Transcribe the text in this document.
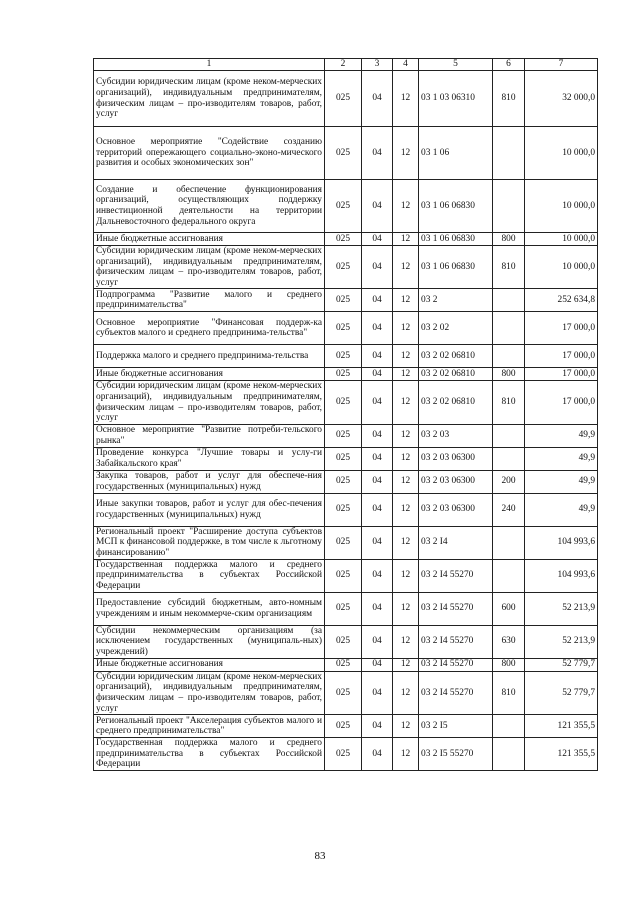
1	2	3	4	5	6	7
Субсидии юридическим лицам (кроме неком-мерческих организаций), индивидуальным предпринимателям, физическим лицам – про-изводителям товаров, работ, услуг	025	04	12	03 1 03 06310	810	32 000,0
Основное мероприятие "Содействие созданию территорий опережающего социально-эконо-мического развития и особых экономических зон"	025	04	12	03 1 06		10 000,0
Создание и обеспечение функционирования организаций, осуществляющих поддержку инвестиционной деятельности на территории Дальневосточного федерального округа	025	04	12	03 1 06 06830		10 000,0
Иные бюджетные ассигнования	025	04	12	03 1 06 06830	800	10 000,0
Субсидии юридическим лицам (кроме неком-мерческих организаций), индивидуальным предпринимателям, физическим лицам – про-изводителям товаров, работ, услуг	025	04	12	03 1 06 06830	810	10 000,0
Подпрограмма "Развитие малого и среднего предпринимательства"	025	04	12	03 2		252 634,8
Основное мероприятие "Финансовая поддерж-ка субъектов малого и среднего предпринима-тельства"	025	04	12	03 2 02		17 000,0
Поддержка малого и среднего предпринима-тельства	025	04	12	03 2 02 06810		17 000,0
Иные бюджетные ассигнования	025	04	12	03 2 02 06810	800	17 000,0
Субсидии юридическим лицам (кроме неком-мерческих организаций), индивидуальным предпринимателям, физическим лицам – про-изводителям товаров, работ, услуг	025	04	12	03 2 02 06810	810	17 000,0
Основное мероприятие "Развитие потреби-тельского рынка"	025	04	12	03 2 03		49,9
Проведение конкурса "Лучшие товары и услу-ги Забайкальского края"	025	04	12	03 2 03 06300		49,9
Закупка товаров, работ и услуг для обеспече-ния государственных (муниципальных) нужд	025	04	12	03 2 03 06300	200	49,9
Иные закупки товаров, работ и услуг для обес-печения государственных (муниципальных) нужд	025	04	12	03 2 03 06300	240	49,9
Региональный проект "Расширение доступа субъектов МСП к финансовой поддержке, в том числе к льготному финансированию"	025	04	12	03 2 I4		104 993,6
Государственная поддержка малого и среднего предпринимательства в субъектах Российской Федерации	025	04	12	03 2 I4 55270		104 993,6
Предоставление субсидий бюджетным, авто-номным учреждениям и иным некоммерче-ским организациям	025	04	12	03 2 I4 55270	600	52 213,9
Субсидии некоммерческим организациям (за исключением государственных (муниципаль-ных) учреждений)	025	04	12	03 2 I4 55270	630	52 213,9
Иные бюджетные ассигнования	025	04	12	03 2 I4 55270	800	52 779,7
Субсидии юридическим лицам (кроме неком-мерческих организаций), индивидуальным предпринимателям, физическим лицам – про-изводителям товаров, работ, услуг	025	04	12	03 2 I4 55270	810	52 779,7
Региональный проект "Акселерация субъектов малого и среднего предпринимательства"	025	04	12	03 2 I5		121 355,5
Государственная поддержка малого и среднего предпринимательства в субъектах Российской Федерации	025	04	12	03 2 I5 55270		121 355,5
83
